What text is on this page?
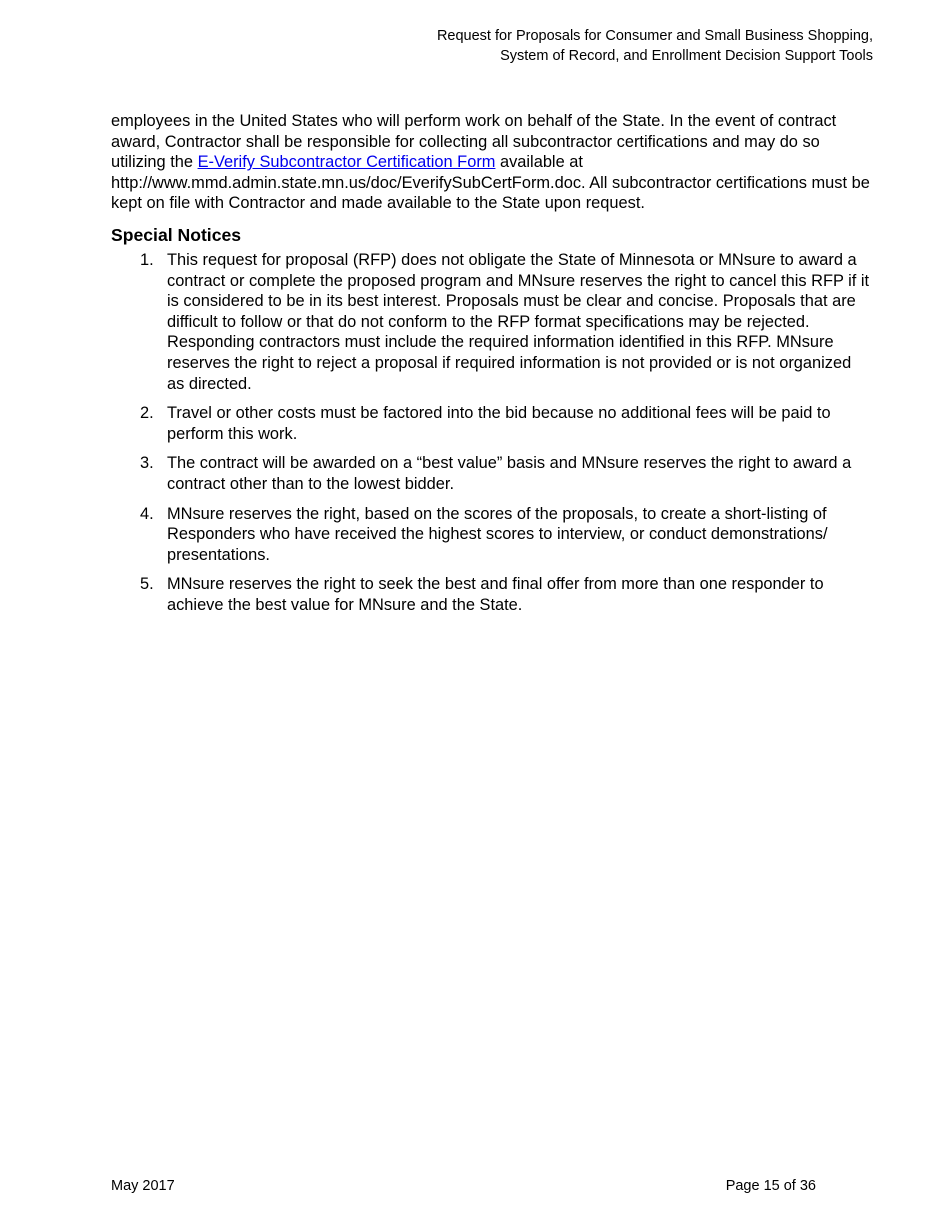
Request for Proposals for Consumer and Small Business Shopping,
System of Record, and Enrollment Decision Support Tools

employees in the United States who will perform work on behalf of the State. In the event of contract award, Contractor shall be responsible for collecting all subcontractor certifications and may do so utilizing the E-Verify Subcontractor Certification Form available at http://www.mmd.admin.state.mn.us/doc/EverifySubCertForm.doc. All subcontractor certifications must be kept on file with Contractor and made available to the State upon request.

Special Notices
1. This request for proposal (RFP) does not obligate the State of Minnesota or MNsure to award a contract or complete the proposed program and MNsure reserves the right to cancel this RFP if it is considered to be in its best interest. Proposals must be clear and concise. Proposals that are difficult to follow or that do not conform to the RFP format specifications may be rejected. Responding contractors must include the required information identified in this RFP. MNsure reserves the right to reject a proposal if required information is not provided or is not organized as directed.
2. Travel or other costs must be factored into the bid because no additional fees will be paid to perform this work.
3. The contract will be awarded on a “best value” basis and MNsure reserves the right to award a contract other than to the lowest bidder.
4. MNsure reserves the right, based on the scores of the proposals, to create a short-listing of Responders who have received the highest scores to interview, or conduct demonstrations/ presentations.
5. MNsure reserves the right to seek the best and final offer from more than one responder to achieve the best value for MNsure and the State.
May 2017	Page 15 of 36
